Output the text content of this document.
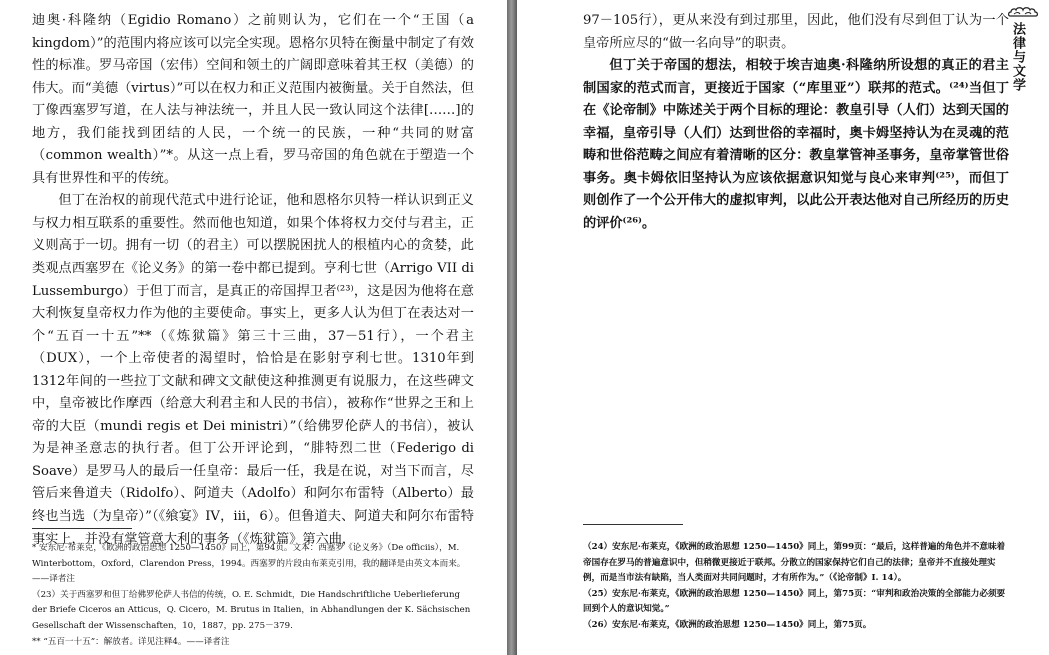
迪奥·科隆纳（Egidio Romano）之前则认为，它们在一个“王国（a kingdom）”的范围内将应该可以完全实现。恩格尔贝特在衡量中制定了有效性的标准。罗马帝国（宏伟）空间和领土的广阔即意味着其王权（美德）的伟大。而“美德（virtus）”可以在权力和正义范围内被衡量。关于自然法，但丁像西塞罗写道，在人法与神法统一，并且人民一致认同这个法律[……]的地方，我们能找到团结的人民，一个统一的民族，一种“共同的财富（common wealth）”*。从这一点上看，罗马帝国的角色就在于塑造一个具有世界性和平的传统。

但丁在治权的前现代范式中进行论证，他和恩格尔贝特一样认识到正义与权力相互联系的重要性。然而他也知道，如果个体将权力交付与君主，正义则高于一切。拥有一切（的君主）可以摆脱困扰人的根植内心的贪婪，此类观点西塞罗在《论义务》的第一卷中都已提到。亨利七世（Arrigo VII di Lussemburgo）于但丁而言，是真正的帝国捍卫者⁽²³⁾，这是因为他将在意大利恢复皇帝权力作为他的主要使命。事实上，更多人认为但丁在表达对一个“五百一十五”**（《炼狱篇》第三十三曲，37－51行），一个君主（DUX），一个上帝使者的渴望时，恰恰是在影射亨利七世。1310年到1312年间的一些拉丁文献和碑文文献使这种推测更有说服力，在这些碑文中，皇帝被比作摩西（给意大利君主和人民的书信），被称作“世界之王和上帝的大臣（mundi regis et Dei ministri）”（给佛罗伦萨人的书信），被认为是神圣意志的执行者。但丁公开评论到，“腓特烈二世（Federigo di Soave）是罗马人的最后一任皇帝：最后一任，我是在说，对当下而言，尽管后来鲁道夫（Ridolfo）、阿道夫（Adolfo）和阿尔布雷特（Alberto）最终也当选（为皇帝）”（《飨宴》IV，iii，6）。但鲁道夫、阿道夫和阿尔布雷特事实上，并没有掌管意大利的事务（《炼狱篇》第六曲，

* 安东尼·布莱克，《欧洲的政治思想 1250—1450》同上，第94页。文本：西塞罗《论义务》（De officiis），M. Winterbottom，Oxford，Clarendon Press，1994。西塞罗的片段由布莱克引用，我的翻译是由英文本而来。——译者注

（23）关于西塞罗和但丁给佛罗伦萨人书信的传统，O. E. Schmidt，Die Handschriftliche Ueberlieferung der Briefe Ciceros an Atticus，Q. Cicero，M. Brutus in Italien，in Abhandlungen der K. Sächsischen Gesellschaft der Wissenschaften，10，1887，pp. 275－379.

** “五百一十五”：解放者。详见注释4。——译者注

法律与文学

97－105行），更从来没有到过那里，因此，他们没有尽到但丁认为一个皇帝所应尽的“做一名向导”的职责。

但丁关于帝国的想法，相较于埃吉迪奥·科隆纳所设想的真正的君主制国家的范式而言，更接近于国家（“库里亚”）联邦的范式。⁽²⁴⁾当但丁在《论帝制》中陈述关于两个目标的理论：教皇引导（人们）达到天国的幸福，皇帝引导（人们）达到世俗的幸福时，奥卡姆坚持认为在灵魂的范畴和世俗范畴之间应有着清晰的区分：教皇掌管神圣事务，皇帝掌管世俗事务。奥卡姆依旧坚持认为应该依据意识知觉与良心来审判⁽²⁵⁾，而但丁则创作了一个公开伟大的虚拟审判，以此公开表达他对自己所经历的历史的评价⁽²⁶⁾。

（24）安东尼·布莱克，《欧洲的政治思想 1250—1450》同上，第99页：“最后，这样普遍的角色并不意味着帝国存在罗马的普遍意识中，但稍微更接近于联邦。分散立的国家保持它们自己的法律；皇帝并不直接处理实例，而是当市法有缺陷，当人类面对共同问题时，才有所作为。”（《论帝制》I. 14）。

（25）安东尼·布莱克，《欧洲的政治思想 1250—1450》同上，第75页：“审判和政治决策的全部能力必须要回到个人的意识知觉。”

（26）安东尼·布莱克，《欧洲的政治思想 1250—1450》同上，第75页。
